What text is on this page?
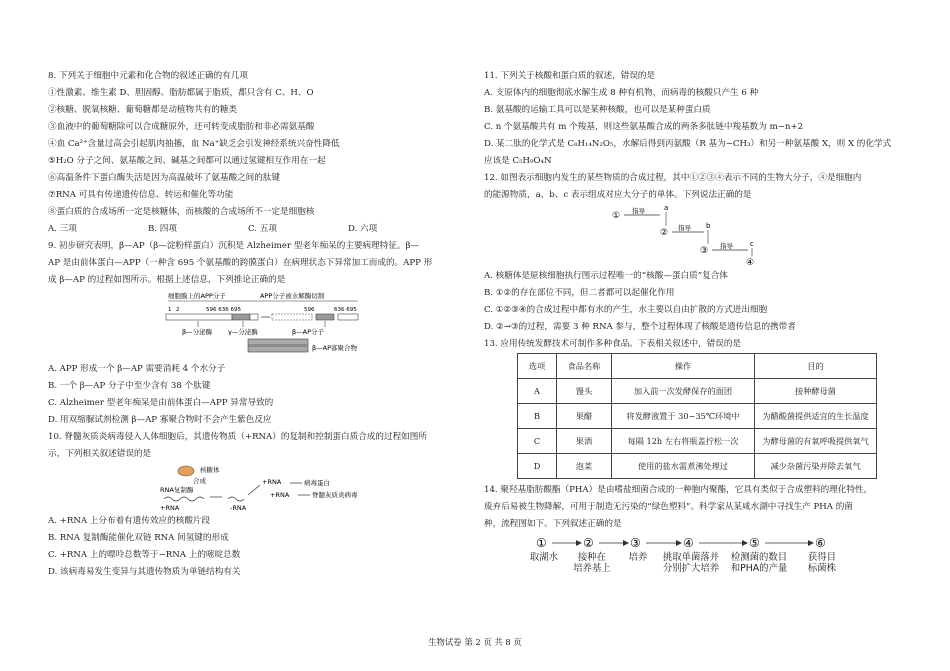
8. 下列关于细胞中元素和化合物的叙述正确的有几项
①性激素、维生素 D、胆固醇、脂肪都属于脂质，都只含有 C、H、O
②核糖、脱氧核糖、葡萄糖都是动植物共有的糖类
③血液中的葡萄糖除可以合成糖原外，还可转变成脂肪和非必需氨基酸
④血 Ca²⁺含量过高会引起肌肉抽搐，血 Na⁺缺乏会引发神经系统兴奋性降低
⑤H₂O 分子之间、氨基酸之间、碱基之间都可以通过氢键相互作用在一起
⑥高温条件下蛋白酶失活是因为高温破坏了氨基酸之间的肽键
⑦RNA 可具有传递遗传信息、转运和催化等功能
⑧蛋白质的合成场所一定是核糖体，而核酸的合成场所不一定是细胞核
A. 三项	B. 四项	C. 五项	D. 六项
9. 初步研究表明，β—AP（β—淀粉样蛋白）沉积是 Alzheimer 型老年痴呆的主要病理特征。β—
AP 是由前体蛋白—APP（一种含 695 个氨基酸的跨膜蛋白）在病理状态下异常加工而成的。APP 形
成 β—AP 的过程如图所示。根据上述信息，下列推论正确的是
细胞膜上的APP分子	APP分子被水解酶切割
1 2	596 636 695	596	636 695
β—分泌酶 γ—分泌酶	β—AP分子
β—AP寡聚合物
A. APP 形成一个 β—AP 需要消耗 4 个水分子
B. 一个 β—AP 分子中至少含有 38 个肽键
C. Alzheimer 型老年痴呆是由前体蛋白—APP 异常导致的
D. 用双缩脲试剂检测 β—AP 寡聚合物时不会产生紫色反应
10. 脊髓灰质炎病毒侵入人体细胞后，其遗传物质（+RNA）的复制和控制蛋白质合成的过程如图所
示，下列相关叙述错误的是
核糖体
合成
RNA复制酶
+RNA	-RNA
+RNA
+RNA
病毒蛋白
脊髓灰质炎病毒
A. +RNA 上分布着有遗传效应的核酸片段
B. RNA 复制酶能催化双链 RNA 间氢键的形成
C. +RNA 上的嘌呤总数等于−RNA 上的嘧啶总数
D. 该病毒易发生变异与其遗传物质为单链结构有关
11. 下列关于核酸和蛋白质的叙述，错误的是
A. 支原体内的细胞彻底水解生成 8 种有机物，而病毒的核酸只产生 6 种
B. 氨基酸的运输工具可以是某种核酸，也可以是某种蛋白质
C. n 个氨基酸共有 m 个羧基，则这些氨基酸合成的两条多肽链中羧基数为 m−n+2
D. 某二肽的化学式是 C₈H₁₄N₂O₅，水解后得到丙氨酸（R 基为−CH₃）和另一种氨基酸 X，则 X 的化学式
应该是 C₅H₉O₄N
12. 如图表示细胞内发生的某些物质的合成过程，其中①②③④表示不同的生物大分子，④是细胞内
的能源物质，a、b、c 表示组成对应大分子的单体。下列说法正确的是
① 指导	a
② 指导 b
③ 指导 c
④
A. 核糖体是原核细胞执行图示过程唯一的“核酸—蛋白质”复合体
B. ①②的存在部位不同，但二者都可以起催化作用
C. ①②③④的合成过程中都有水的产生，水主要以自由扩散的方式进出细胞
D. ②→③的过程，需要 3 种 RNA 参与，整个过程体现了核酸是遗传信息的携带者
13. 应用传统发酵技术可制作多种食品。下表相关叙述中，错误的是
选项	食品名称	操作	目的
A	馒头	加入前一次发酵保存的面团	接种酵母菌
B	果醋	将发酵液置于 30~35℃环境中	为醋酸菌提供适宜的生长温度
C	果酒	每隔 12h 左右将瓶盖拧松一次	为酵母菌的有氧呼吸提供氧气
D	泡菜	使用的盐水需煮沸处理过	减少杂菌污染并除去氧气
14. 聚羟基脂肪酸酯（PHA）是由嗜盐细菌合成的一种胞内聚酯，它具有类似于合成塑料的理化特性，
废弃后易被生物降解，可用于制造无污染的“绿色塑料”。科学家从某咸水湖中寻找生产 PHA 的菌
种，流程图如下。下列叙述正确的是
①	②	③	④	⑤	⑥
取湖水	接种在
培养基上
培养	挑取单菌落并
分别扩大培养
检测菌的数目
和PHA的产量
获得目
标菌株
生物试卷 第 2 页 共 8 页
